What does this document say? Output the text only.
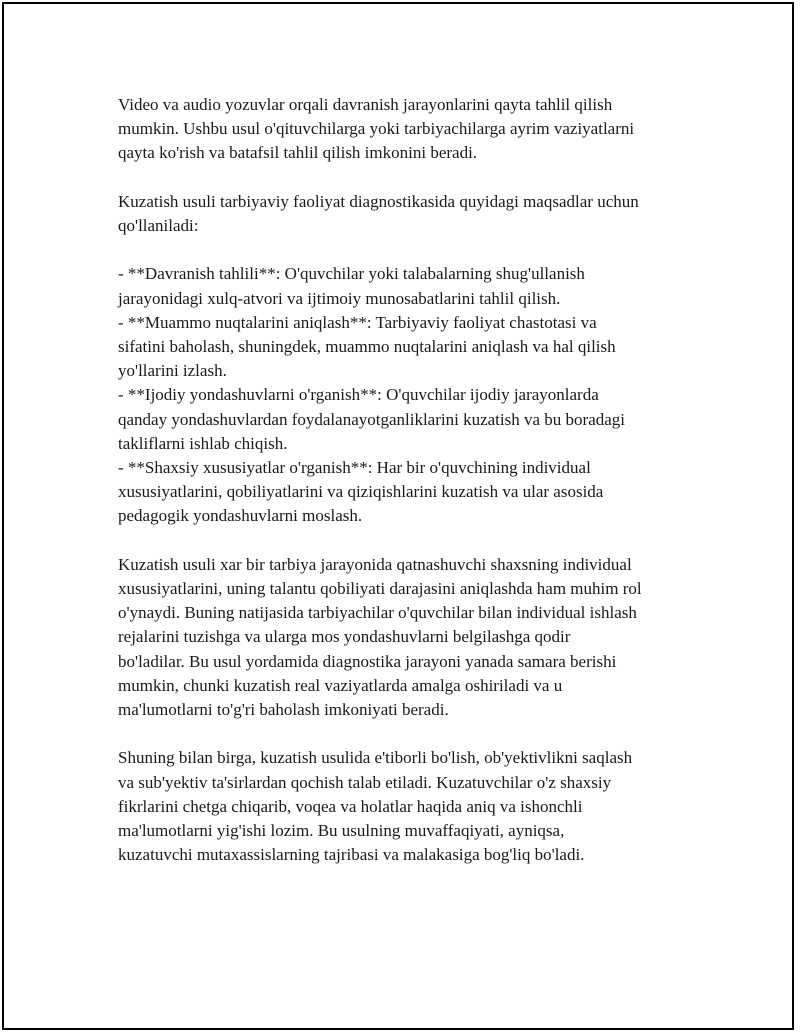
Video va audio yozuvlar orqali davranish jarayonlarini qayta tahlil qilish
mumkin. Ushbu usul o'qituvchilarga yoki tarbiyachilarga ayrim vaziyatlarni
qayta ko'rish va batafsil tahlil qilish imkonini beradi.

Kuzatish usuli tarbiyaviy faoliyat diagnostikasida quyidagi maqsadlar uchun
qo'llaniladi:

- **Davranish tahlili**: O'quvchilar yoki talabalarning shug'ullanish
jarayonidagi xulq-atvori va ijtimoiy munosabatlarini tahlil qilish.
- **Muammo nuqtalarini aniqlash**: Tarbiyaviy faoliyat chastotasi va
sifatini baholash, shuningdek, muammo nuqtalarini aniqlash va hal qilish
yo'llarini izlash.
- **Ijodiy yondashuvlarni o'rganish**: O'quvchilar ijodiy jarayonlarda
qanday yondashuvlardan foydalanayotganliklarini kuzatish va bu boradagi
takliflarni ishlab chiqish.
- **Shaxsiy xususiyatlar o'rganish**: Har bir o'quvchining individual
xususiyatlarini, qobiliyatlarini va qiziqishlarini kuzatish va ular asosida
pedagogik yondashuvlarni moslash.

Kuzatish usuli xar bir tarbiya jarayonida qatnashuvchi shaxsning individual
xususiyatlarini, uning talantu qobiliyati darajasini aniqlashda ham muhim rol
o'ynaydi. Buning natijasida tarbiyachilar o'quvchilar bilan individual ishlash
rejalarini tuzishga va ularga mos yondashuvlarni belgilashga qodir
bo'ladilar. Bu usul yordamida diagnostika jarayoni yanada samara berishi
mumkin, chunki kuzatish real vaziyatlarda amalga oshiriladi va u
ma'lumotlarni to'g'ri baholash imkoniyati beradi.

Shuning bilan birga, kuzatish usulida e'tiborli bo'lish, ob'yektivlikni saqlash
va sub'yektiv ta'sirlardan qochish talab etiladi. Kuzatuvchilar o'z shaxsiy
fikrlarini chetga chiqarib, voqea va holatlar haqida aniq va ishonchli
ma'lumotlarni yig'ishi lozim. Bu usulning muvaffaqiyati, ayniqsa,
kuzatuvchi mutaxassislarning tajribasi va malakasiga bog'liq bo'ladi.
